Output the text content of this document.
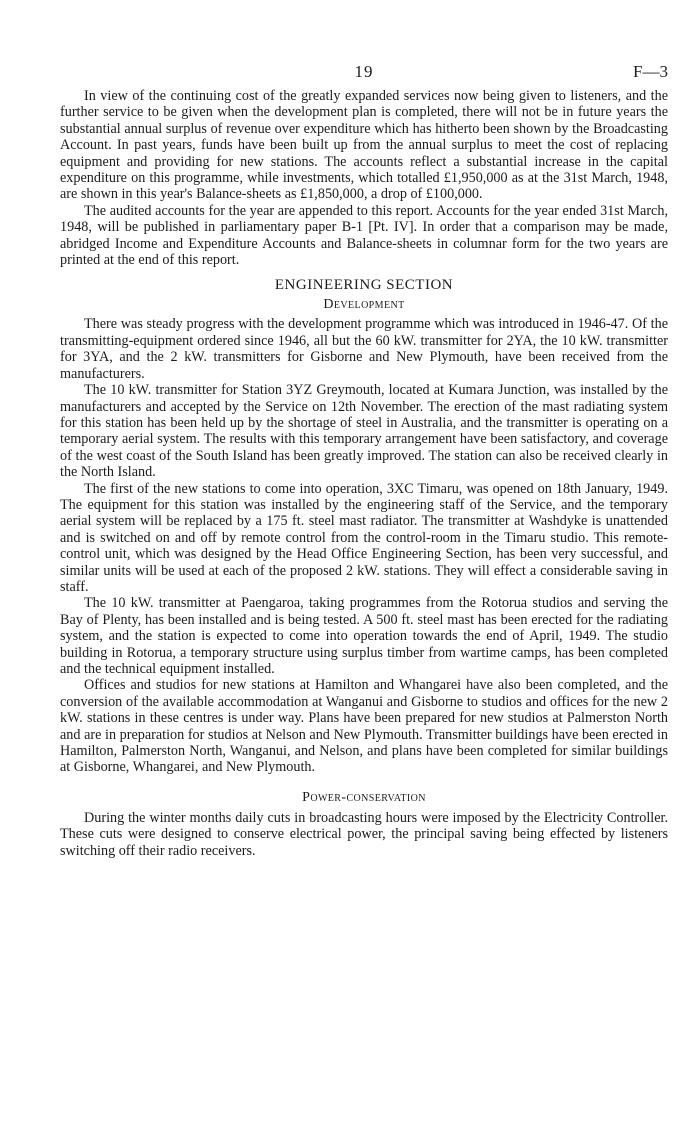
19	F—3

In view of the continuing cost of the greatly expanded services now being given to listeners, and the further service to be given when the development plan is completed, there will not be in future years the substantial annual surplus of revenue over expenditure which has hitherto been shown by the Broadcasting Account. In past years, funds have been built up from the annual surplus to meet the cost of replacing equipment and providing for new stations. The accounts reflect a substantial increase in the capital expenditure on this programme, while investments, which totalled £1,950,000 as at the 31st March, 1948, are shown in this year's Balance-sheets as £1,850,000, a drop of £100,000.

The audited accounts for the year are appended to this report. Accounts for the year ended 31st March, 1948, will be published in parliamentary paper B-1 [Pt. IV]. In order that a comparison may be made, abridged Income and Expenditure Accounts and Balance-sheets in columnar form for the two years are printed at the end of this report.

ENGINEERING SECTION
Development

There was steady progress with the development programme which was introduced in 1946-47. Of the transmitting-equipment ordered since 1946, all but the 60 kW. transmitter for 2YA, the 10 kW. transmitter for 3YA, and the 2 kW. transmitters for Gisborne and New Plymouth, have been received from the manufacturers.

The 10 kW. transmitter for Station 3YZ Greymouth, located at Kumara Junction, was installed by the manufacturers and accepted by the Service on 12th November. The erection of the mast radiating system for this station has been held up by the shortage of steel in Australia, and the transmitter is operating on a temporary aerial system. The results with this temporary arrangement have been satisfactory, and coverage of the west coast of the South Island has been greatly improved. The station can also be received clearly in the North Island.

The first of the new stations to come into operation, 3XC Timaru, was opened on 18th January, 1949. The equipment for this station was installed by the engineering staff of the Service, and the temporary aerial system will be replaced by a 175 ft. steel mast radiator. The transmitter at Washdyke is unattended and is switched on and off by remote control from the control-room in the Timaru studio. This remote-control unit, which was designed by the Head Office Engineering Section, has been very successful, and similar units will be used at each of the proposed 2 kW. stations. They will effect a considerable saving in staff.

The 10 kW. transmitter at Paengaroa, taking programmes from the Rotorua studios and serving the Bay of Plenty, has been installed and is being tested. A 500 ft. steel mast has been erected for the radiating system, and the station is expected to come into operation towards the end of April, 1949. The studio building in Rotorua, a temporary structure using surplus timber from wartime camps, has been completed and the technical equipment installed.

Offices and studios for new stations at Hamilton and Whangarei have also been completed, and the conversion of the available accommodation at Wanganui and Gisborne to studios and offices for the new 2 kW. stations in these centres is under way. Plans have been prepared for new studios at Palmerston North and are in preparation for studios at Nelson and New Plymouth. Transmitter buildings have been erected in Hamilton, Palmerston North, Wanganui, and Nelson, and plans have been completed for similar buildings at Gisborne, Whangarei, and New Plymouth.

Power-conservation

During the winter months daily cuts in broadcasting hours were imposed by the Electricity Controller. These cuts were designed to conserve electrical power, the principal saving being effected by listeners switching off their radio receivers.
